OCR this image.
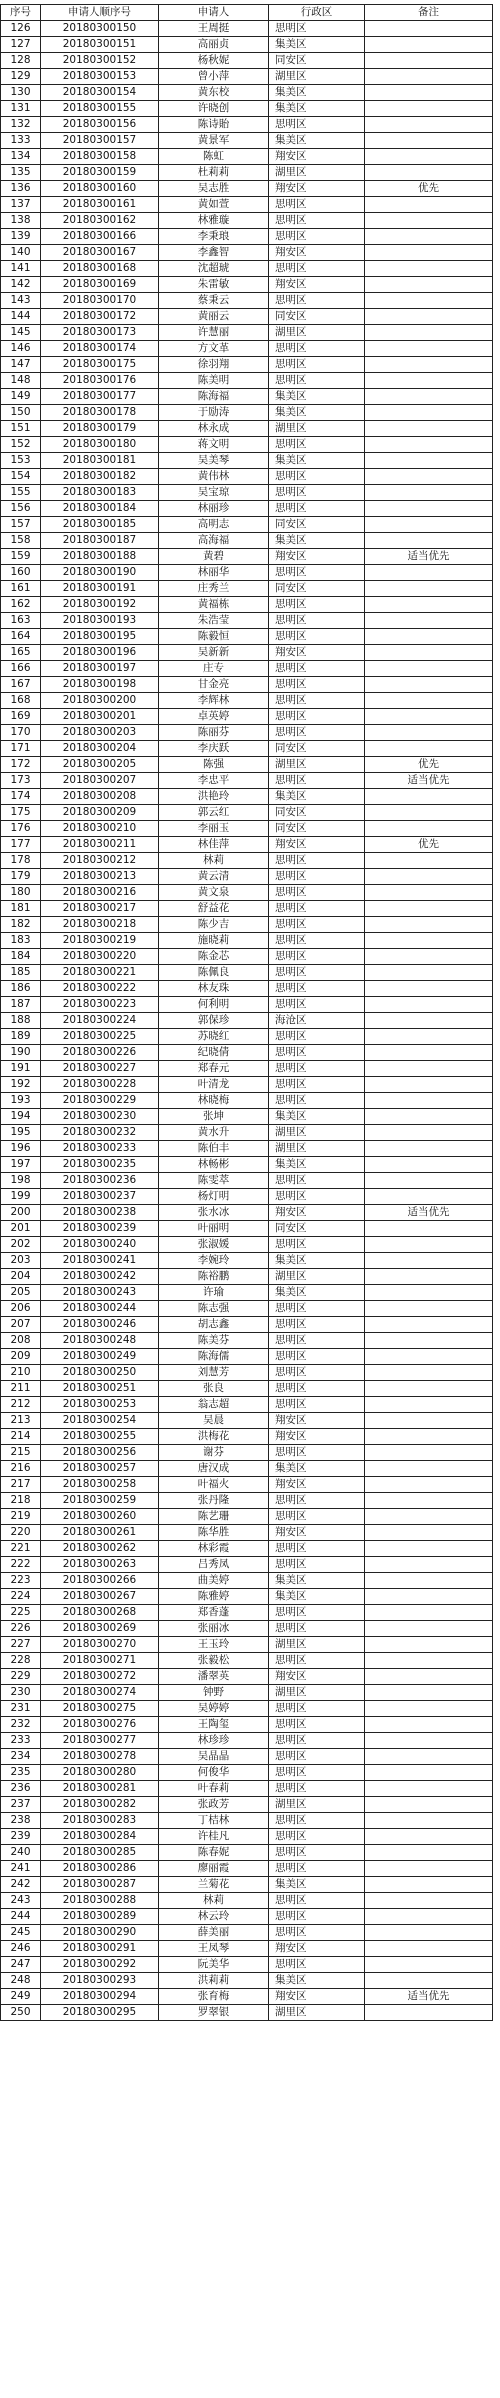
序号	申请人顺序号	申请人	行政区	备注
126	20180300150	王周挺	思明区	
127	20180300151	高丽贞	集美区	
128	20180300152	杨秋妮	同安区	
129	20180300153	曾小萍	湖里区	
130	20180300154	黄东校	集美区	
131	20180300155	许晓创	集美区	
132	20180300156	陈诗貽	思明区	
133	20180300157	黄景军	集美区	
134	20180300158	陈虹	翔安区	
135	20180300159	杜莉莉	湖里区	
136	20180300160	吴志胜	翔安区	优先
137	20180300161	黄如萱	思明区	
138	20180300162	林雅璇	思明区	
139	20180300166	李秉琅	思明区	
140	20180300167	李鑫智	翔安区	
141	20180300168	沈超琥	思明区	
142	20180300169	朱雷敏	翔安区	
143	20180300170	蔡秉云	思明区	
144	20180300172	黄丽云	同安区	
145	20180300173	许慧丽	湖里区	
146	20180300174	方文革	思明区	
147	20180300175	徐羽翔	思明区	
148	20180300176	陈美明	思明区	
149	20180300177	陈海福	集美区	
150	20180300178	于励涛	集美区	
151	20180300179	林永成	湖里区	
152	20180300180	蒋文明	思明区	
153	20180300181	吴美琴	集美区	
154	20180300182	黄伟林	思明区	
155	20180300183	吴宝琼	思明区	
156	20180300184	林丽珍	思明区	
157	20180300185	高明志	同安区	
158	20180300187	高海福	集美区	
159	20180300188	黄碧	翔安区	适当优先
160	20180300190	林丽华	思明区	
161	20180300191	庄秀兰	同安区	
162	20180300192	黄福栋	思明区	
163	20180300193	朱浩莹	思明区	
164	20180300195	陈毅恒	思明区	
165	20180300196	吴新新	翔安区	
166	20180300197	庄专	思明区	
167	20180300198	甘金亮	思明区	
168	20180300200	李辉林	思明区	
169	20180300201	卓英婷	思明区	
170	20180300203	陈丽芬	思明区	
171	20180300204	李庆跃	同安区	
172	20180300205	陈强	湖里区	优先
173	20180300207	李忠平	思明区	适当优先
174	20180300208	洪艳玲	集美区	
175	20180300209	郭云红	同安区	
176	20180300210	李丽玉	同安区	
177	20180300211	林佳萍	翔安区	优先
178	20180300212	林莉	思明区	
179	20180300213	黄云清	思明区	
180	20180300216	黄文泉	思明区	
181	20180300217	舒益花	思明区	
182	20180300218	陈少吉	思明区	
183	20180300219	施晓莉	思明区	
184	20180300220	陈金芯	思明区	
185	20180300221	陈佩良	思明区	
186	20180300222	林友珠	思明区	
187	20180300223	何利明	思明区	
188	20180300224	郭保珍	海沧区	
189	20180300225	苏晓红	思明区	
190	20180300226	纪晓倩	思明区	
191	20180300227	郑春元	思明区	
192	20180300228	叶清龙	思明区	
193	20180300229	林晓梅	思明区	
194	20180300230	张坤	集美区	
195	20180300232	黄水升	湖里区	
196	20180300233	陈伯丰	湖里区	
197	20180300235	林畅彬	集美区	
198	20180300236	陈雯萃	思明区	
199	20180300237	杨灯明	思明区	
200	20180300238	张水冰	翔安区	适当优先
201	20180300239	叶丽明	同安区	
202	20180300240	张淑媛	思明区	
203	20180300241	李婉玲	集美区	
204	20180300242	陈裕鹏	湖里区	
205	20180300243	许瑜	集美区	
206	20180300244	陈志强	思明区	
207	20180300246	胡志鑫	思明区	
208	20180300248	陈美芬	思明区	
209	20180300249	陈海儒	思明区	
210	20180300250	刘慧芳	思明区	
211	20180300251	张良	思明区	
212	20180300253	翁志超	思明区	
213	20180300254	吴晨	翔安区	
214	20180300255	洪梅花	翔安区	
215	20180300256	谢芬	思明区	
216	20180300257	唐汉成	集美区	
217	20180300258	叶福火	翔安区	
218	20180300259	张丹隆	思明区	
219	20180300260	陈艺珊	思明区	
220	20180300261	陈华胜	翔安区	
221	20180300262	林彩霞	思明区	
222	20180300263	吕秀凤	思明区	
223	20180300266	曲美婷	集美区	
224	20180300267	陈雅婷	集美区	
225	20180300268	郑香蓬	思明区	
226	20180300269	张丽冰	思明区	
227	20180300270	王玉玲	湖里区	
228	20180300271	张毅松	思明区	
229	20180300272	潘翠英	翔安区	
230	20180300274	钟野	湖里区	
231	20180300275	吴婷婷	思明区	
232	20180300276	王陶玺	思明区	
233	20180300277	林珍珍	思明区	
234	20180300278	吴晶晶	思明区	
235	20180300280	何俊华	思明区	
236	20180300281	叶春莉	思明区	
237	20180300282	张政芳	湖里区	
238	20180300283	丁桔林	思明区	
239	20180300284	许桂凡	思明区	
240	20180300285	陈春妮	思明区	
241	20180300286	廖丽霞	思明区	
242	20180300287	兰菊花	集美区	
243	20180300288	林莉	思明区	
244	20180300289	林云玲	思明区	
245	20180300290	薛美丽	思明区	
246	20180300291	王凤琴	翔安区	
247	20180300292	阮美华	思明区	
248	20180300293	洪莉莉	集美区	
249	20180300294	张育梅	翔安区	适当优先
250	20180300295	罗翠银	湖里区	
